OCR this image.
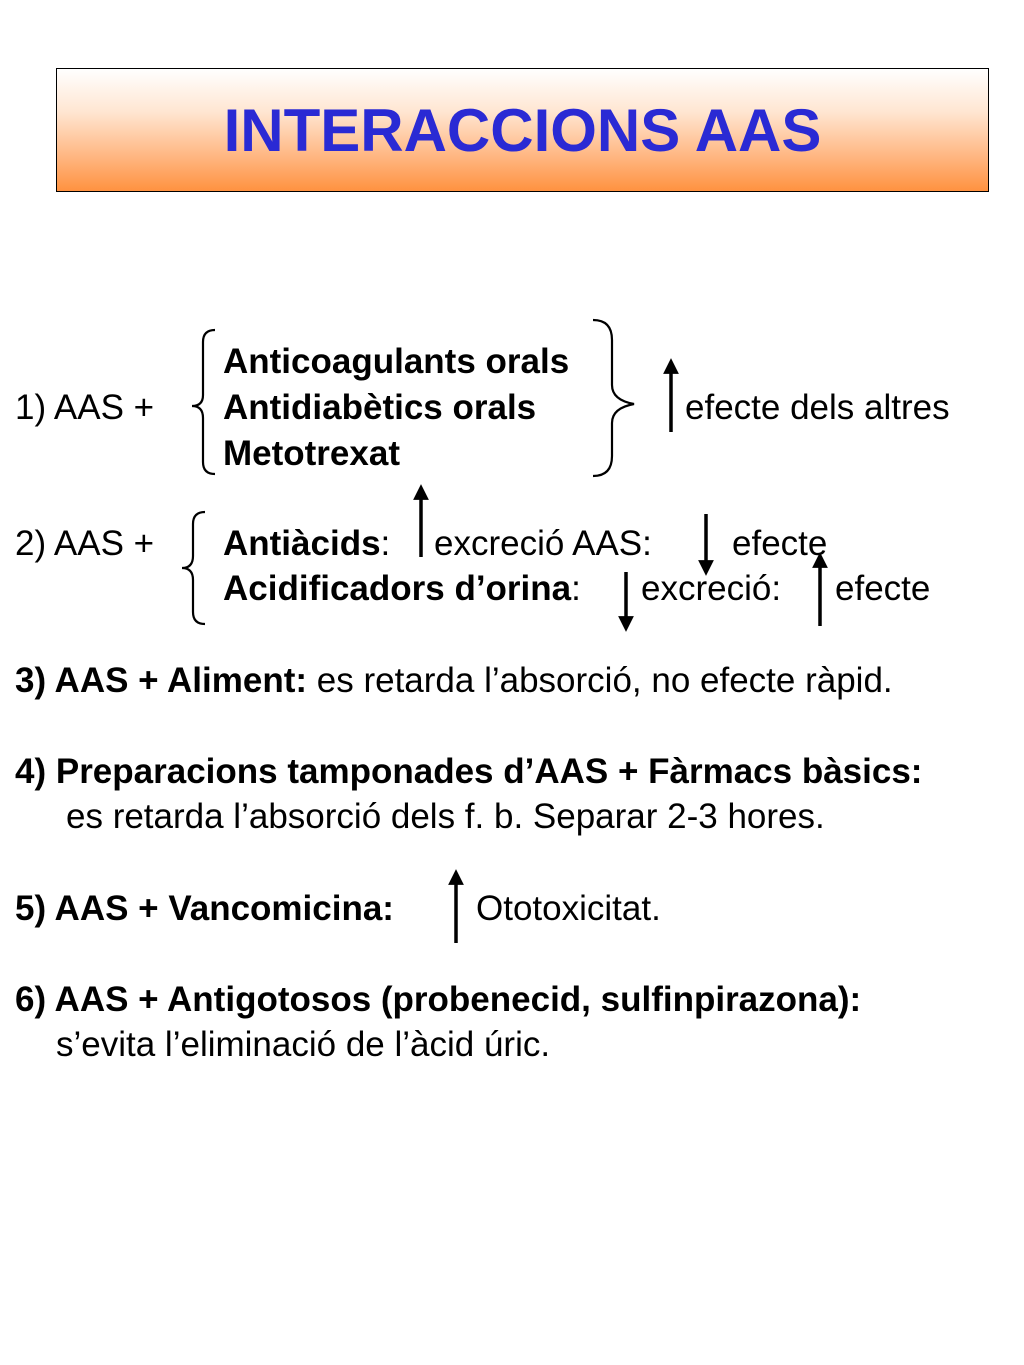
INTERACCIONS AAS
1) AAS +
Anticoagulants orals
Antidiabètics orals
Metotrexat
efecte dels altres
2) AAS + Antiàcids: excreció AAS: efecte
Acidificadors d’orina: excreció: efecte
3) AAS + Aliment: es retarda l’absorció, no efecte ràpid.
4) Preparacions tamponades d’AAS + Fàrmacs bàsics:
es retarda l’absorció dels f. b. Separar 2-3 hores.
5) AAS + Vancomicina: Ototoxicitat.
6) AAS + Antigotosos (probenecid, sulfinpirazona):
s’evita l’eliminació de l’àcid úric.
